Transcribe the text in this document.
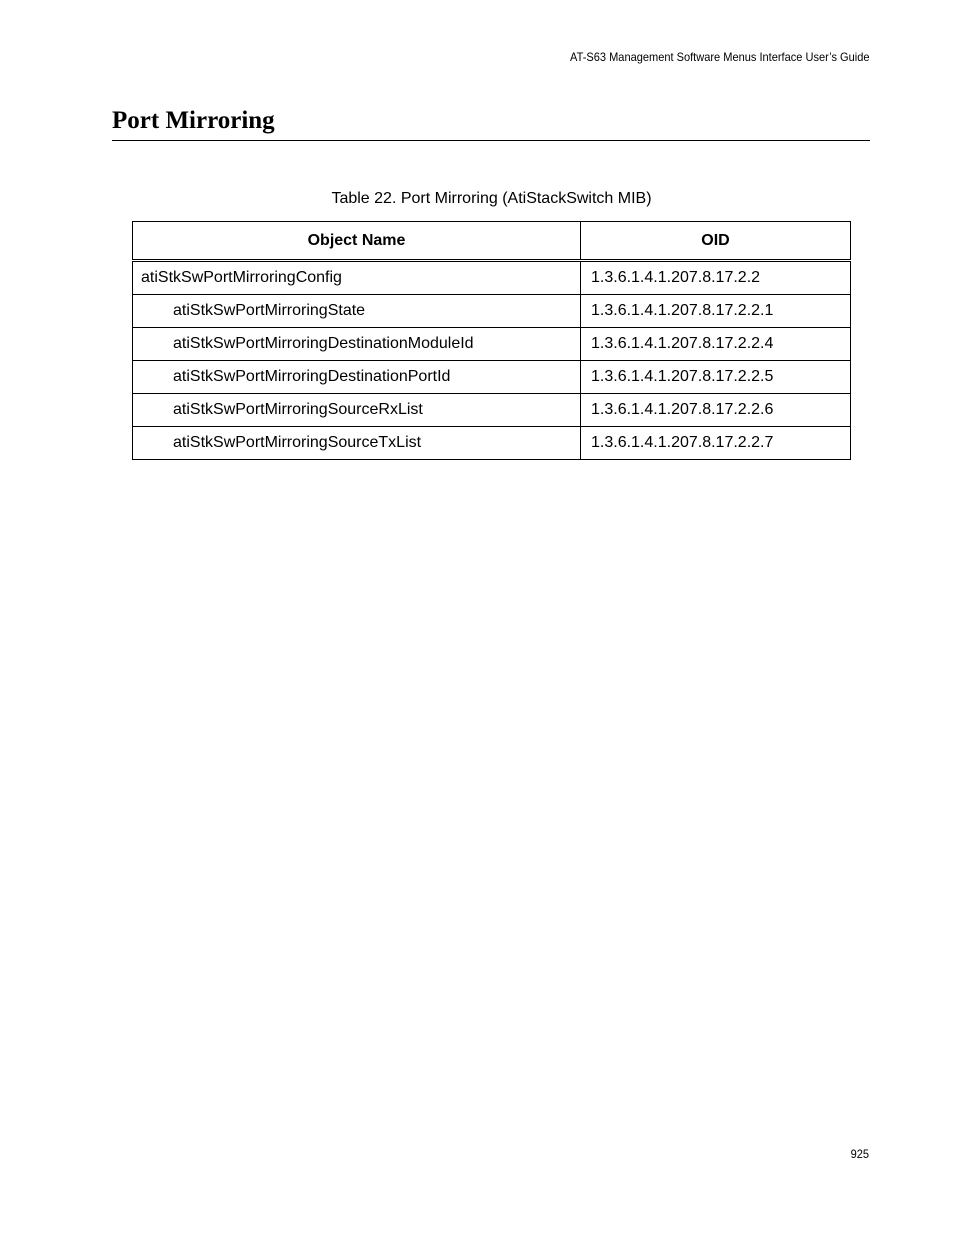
AT-S63 Management Software Menus Interface User’s Guide
Port Mirroring
Table 22. Port Mirroring (AtiStackSwitch MIB)
Object Name	OID
atiStkSwPortMirroringConfig	1.3.6.1.4.1.207.8.17.2.2
atiStkSwPortMirroringState	1.3.6.1.4.1.207.8.17.2.2.1
atiStkSwPortMirroringDestinationModuleId	1.3.6.1.4.1.207.8.17.2.2.4
atiStkSwPortMirroringDestinationPortId	1.3.6.1.4.1.207.8.17.2.2.5
atiStkSwPortMirroringSourceRxList	1.3.6.1.4.1.207.8.17.2.2.6
atiStkSwPortMirroringSourceTxList	1.3.6.1.4.1.207.8.17.2.2.7
925
